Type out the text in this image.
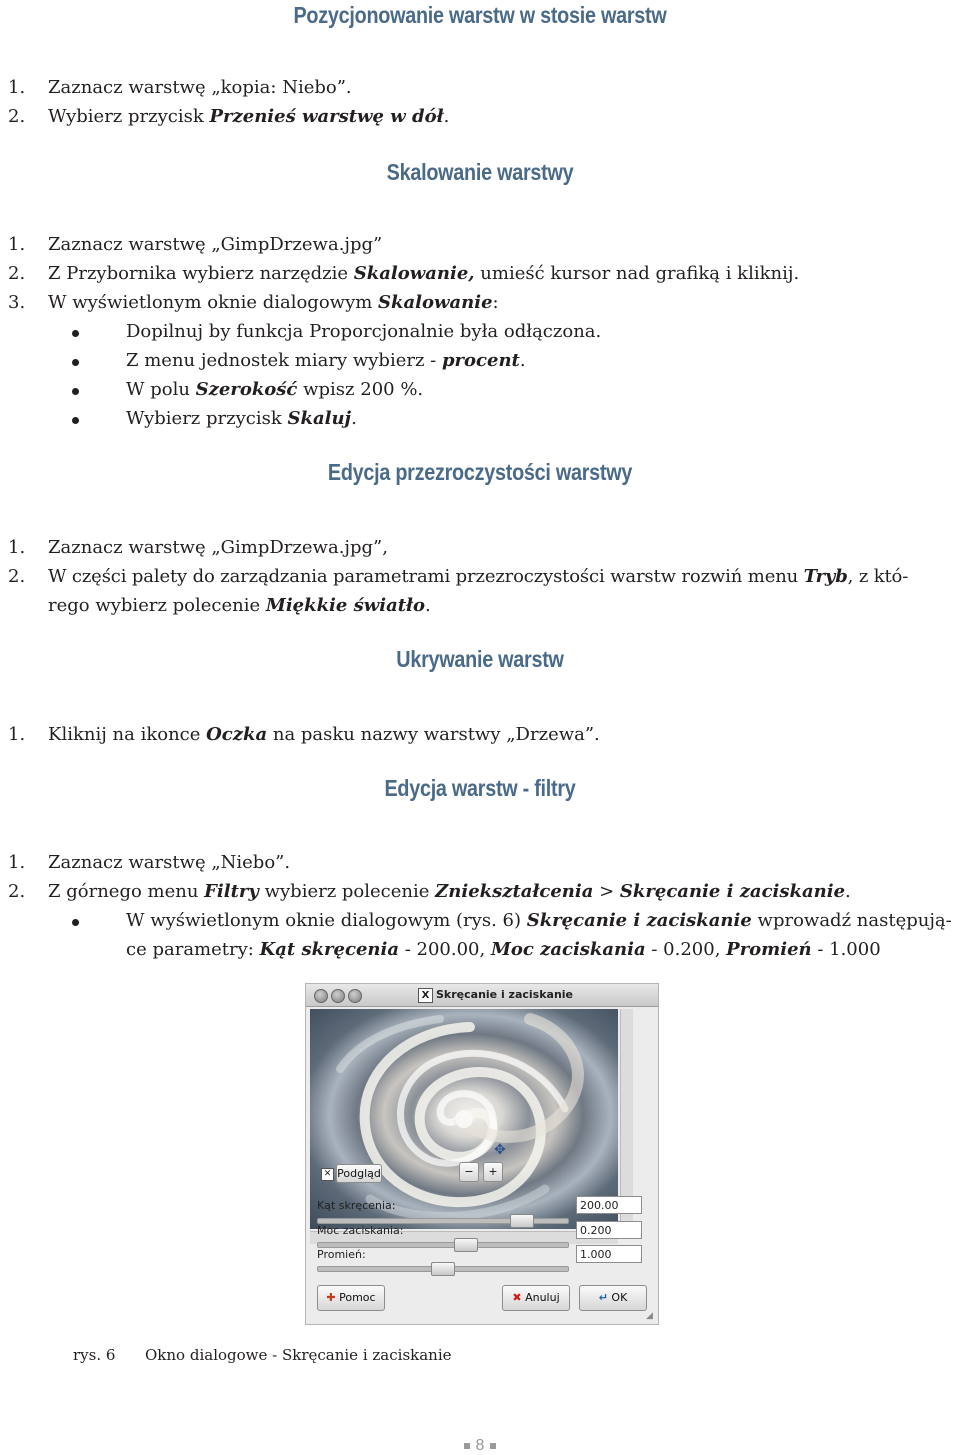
Pozycjonowanie warstw w stosie warstw
1. Zaznacz warstwę „kopia: Niebo”.
2. Wybierz przycisk Przenieś warstwę w dół.
Skalowanie warstwy
1. Zaznacz warstwę „GimpDrzewa.jpg”
2. Z Przybornika wybierz narzędzie Skalowanie, umieść kursor nad grafiką i kliknij.
3. W wyświetlonym oknie dialogowym Skalowanie:
Dopilnuj by funkcja Proporcjonalnie była odłączona.
Z menu jednostek miary wybierz - procent.
W polu Szerokość wpisz 200 %.
Wybierz przycisk Skaluj.
Edycja przezroczystości warstwy
1. Zaznacz warstwę „GimpDrzewa.jpg”,
2. W części palety do zarządzania parametrami przezroczystości warstw rozwiń menu Tryb, z któ-
rego wybierz polecenie Miękkie światło.
Ukrywanie warstw
1. Kliknij na ikonce Oczka na pasku nazwy warstwy „Drzewa”.
Edycja warstw - filtry
1. Zaznacz warstwę „Niebo”.
2. Z górnego menu Filtry wybierz polecenie Zniekształcenia > Skręcanie i zaciskanie.
W wyświetlonym oknie dialogowym (rys. 6) Skręcanie i zaciskanie wprowadź następują-
ce parametry: Kąt skręcenia - 200.00, Moc zaciskania - 0.200, Promień - 1.000
X Skręcanie i zaciskanie
✕ Podgląd	−	+
✥
Kąt skręcenia:	200.00
Moc zaciskania:	0.200
Promień:	1.000
✚ Pomoc	✖ Anuluj	↵ OK
◢
rys. 6 Okno dialogowe - Skręcanie i zaciskanie
8
